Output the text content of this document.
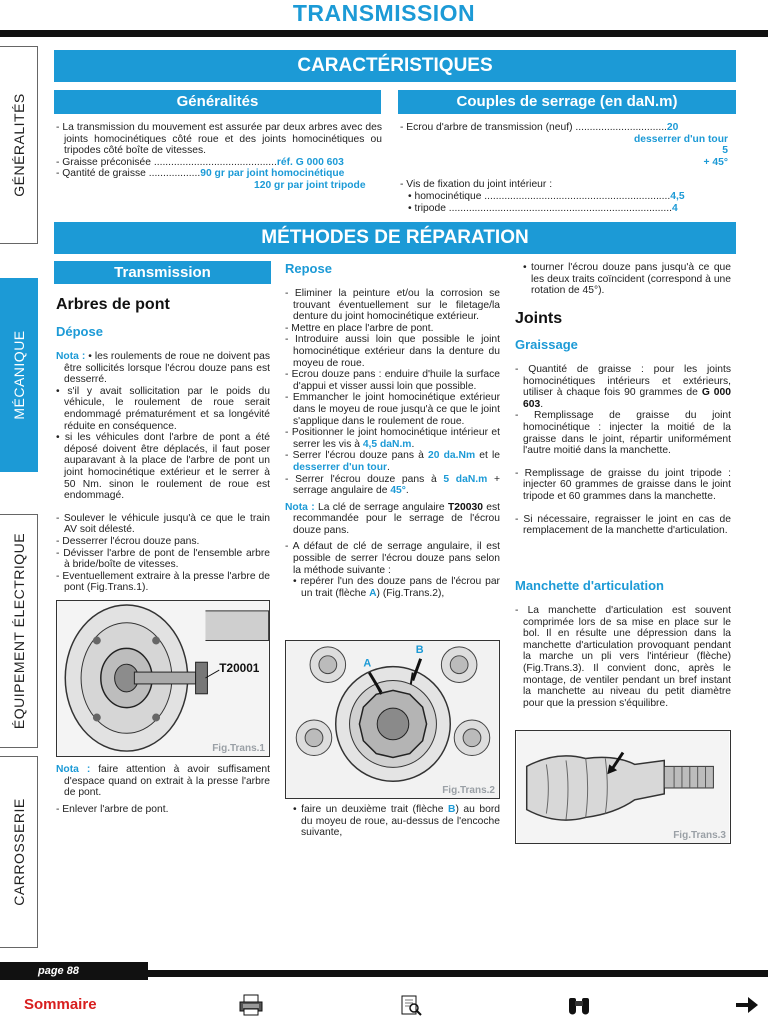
TRANSMISSION
GÉNÉRALITÉS
MÉCANIQUE
ÉQUIPEMENT ÉLECTRIQUE
CARROSSERIE
CARACTÉRISTIQUES
Généralités	Couples de serrage (en daN.m)
MÉTHODES DE RÉPARATION
Transmission

- La transmission du mouvement est assurée par deux arbres avec des joints homocinétiques côté roue et des joints homocinétiques ou tripodes côté boîte de vitesses.

- Graisse préconisée ...........................................réf. G 000 603

- Qantité de graisse ..................90 gr par joint homocinétique

120 gr par joint tripode

- Ecrou d'arbre de transmission (neuf) ................................20

desserrer d'un tour

5

+ 45°

- Vis de fixation du joint intérieur :

• homocinétique .................................................................4,5

• tripode ..............................................................................4

Arbres de pont
Dépose

Nota : • les roulements de roue ne doivent pas être sollicités lorsque l'écrou douze pans est desserré.

• s'il y avait sollicitation par le poids du véhicule, le roulement de roue serait endommagé prématurément et sa longévité réduite en conséquence.

• si les véhicules dont l'arbre de pont a été déposé doivent être déplacés, il faut poser auparavant à la place de l'arbre de pont un joint homocinétique extérieur et le serrer à 50 Nm. sinon le roulement de roue est endommagé.

- Soulever le véhicule jusqu'à ce que le train AV soit délesté.

- Desserrer l'écrou douze pans.

- Dévisser l'arbre de pont de l'ensemble arbre à bride/boîte de vitesses.

- Eventuellement extraire à la presse l'arbre de pont (Fig.Trans.1).

T20001
Fig.Trans.1

Nota : faire attention à avoir suffisament d'espace quand on extrait à la presse l'arbre de pont.

- Enlever l'arbre de pont.

Repose

- Eliminer la peinture et/ou la corrosion se trouvant éventuellement sur le filetage/la denture du joint homocinétique extérieur.

- Mettre en place l'arbre de pont.

- Introduire aussi loin que possible le joint homocinétique extérieur dans la denture du moyeu de roue.

- Ecrou douze pans : enduire d'huile la surface d'appui et visser aussi loin que possible.

- Emmancher le joint homocinétique extérieur dans le moyeu de roue jusqu'à ce que le joint s'applique dans le roulement de roue.

- Positionner le joint homocinétique intérieur et serrer les vis à 4,5 daN.m.

- Serrer l'écrou douze pans à 20 da.Nm et le desserrer d'un tour.

- Serrer l'écrou douze pans à 5 daN.m + serrage angulaire de 45°.

Nota : La clé de serrage angulaire T20030 est recommandée pour le serrage de l'écrou douze pans.

- A défaut de clé de serrage angulaire, il est possible de serrer l'écrou douze pans selon la méthode suivante :

• repérer l'un des douze pans de l'écrou par un trait (flèche A) (Fig.Trans.2),

A
B
Fig.Trans.2

• faire un deuxième trait (flèche B) au bord du moyeu de roue, au-dessus de l'encoche suivante,

• tourner l'écrou douze pans jusqu'à ce que les deux traits coïncident (correspond à une rotation de 45°).

Joints
Graissage

- Quantité de graisse : pour les joints homocinétiques intérieurs et extérieurs, utiliser à chaque fois 90 grammes de G 000 603.

- Remplissage de graisse du joint homocinétique : injecter la moitié de la graisse dans le joint, répartir uniformément l'autre moitié dans la manchette.

- Remplissage de graisse du joint tripode : injecter 60 grammes de graisse dans le joint tripode et 60 grammes dans la manchette.

- Si nécessaire, regraisser le joint en cas de remplacement de la manchette d'articulation.

Manchette d'articulation

- La manchette d'articulation est souvent comprimée lors de sa mise en place sur le bol. Il en résulte une dépression dans la manchette d'articulation provoquant pendant la marche un pli vers l'intérieur (flèche) (Fig.Trans.3). Il convient donc, après le montage, de ventiler pendant un bref instant la manchette au niveau du petit diamètre pour que la pression s'équilibre.

Fig.Trans.3
page 88
Sommaire
